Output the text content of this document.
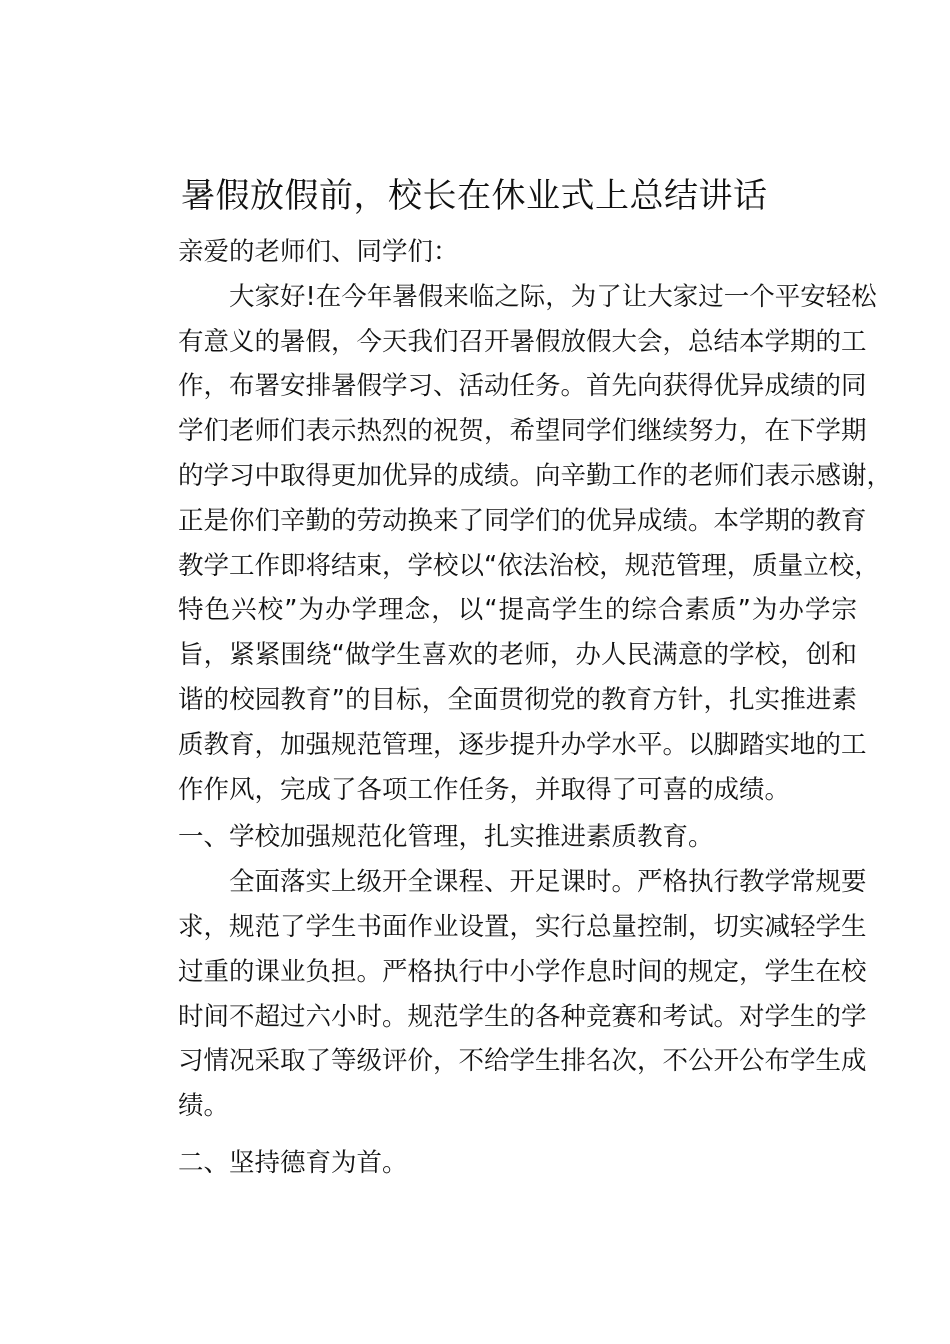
暑假放假前，校长在休业式上总结讲话

亲爱的老师们、同学们：

大家好!在今年暑假来临之际，为了让大家过一个平安轻松
有意义的暑假，今天我们召开暑假放假大会，总结本学期的工
作，布署安排暑假学习、活动任务。首先向获得优异成绩的同
学们老师们表示热烈的祝贺，希望同学们继续努力，在下学期
的学习中取得更加优异的成绩。向辛勤工作的老师们表示感谢，
正是你们辛勤的劳动换来了同学们的优异成绩。本学期的教育
教学工作即将结束，学校以“依法治校，规范管理，质量立校，
特色兴校”为办学理念，以“提高学生的综合素质”为办学宗
旨，紧紧围绕“做学生喜欢的老师，办人民满意的学校，创和
谐的校园教育”的目标，全面贯彻党的教育方针，扎实推进素
质教育，加强规范管理，逐步提升办学水平。以脚踏实地的工
作作风，完成了各项工作任务，并取得了可喜的成绩。

一、学校加强规范化管理，扎实推进素质教育。

全面落实上级开全课程、开足课时。严格执行教学常规要
求，规范了学生书面作业设置，实行总量控制，切实减轻学生
过重的课业负担。严格执行中小学作息时间的规定，学生在校
时间不超过六小时。规范学生的各种竞赛和考试。对学生的学
习情况采取了等级评价，不给学生排名次，不公开公布学生成
绩。

二、坚持德育为首。
